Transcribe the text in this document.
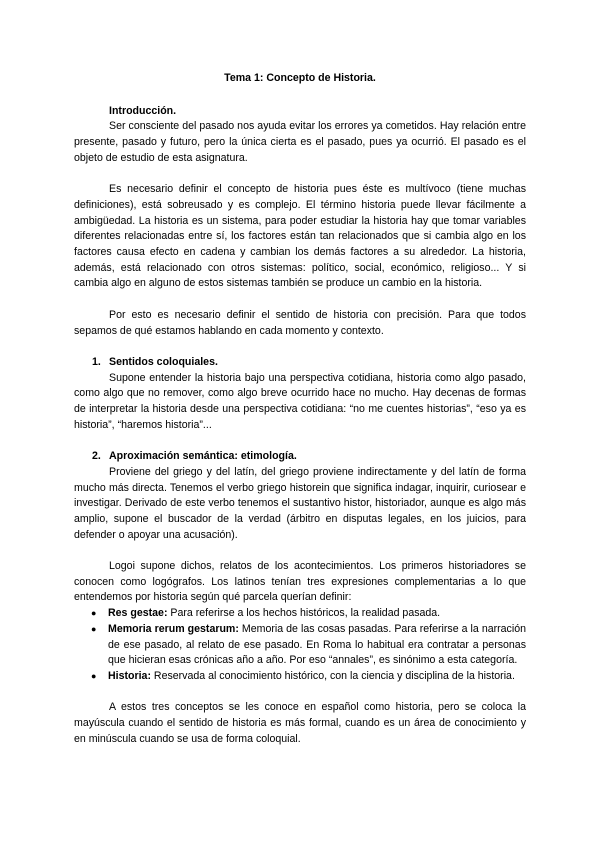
Tema 1: Concepto de Historia.
Introducción.

Ser consciente del pasado nos ayuda evitar los errores ya cometidos. Hay relación entre presente, pasado y futuro, pero la única cierta es el pasado, pues ya ocurrió. El pasado es el objeto de estudio de esta asignatura.

Es necesario definir el concepto de historia pues éste es multívoco (tiene muchas definiciones), está sobreusado y es complejo. El término historia puede llevar fácilmente a ambigüedad. La historia es un sistema, para poder estudiar la historia hay que tomar variables diferentes relacionadas entre sí, los factores están tan relacionados que si cambia algo en los factores causa efecto en cadena y cambian los demás factores a su alrededor. La historia, además, está relacionado con otros sistemas: político, social, económico, religioso... Y si cambia algo en alguno de estos sistemas también se produce un cambio en la historia.

Por esto es necesario definir el sentido de historia con precisión. Para que todos sepamos de qué estamos hablando en cada momento y contexto.

1. Sentidos coloquiales.

Supone entender la historia bajo una perspectiva cotidiana, historia como algo pasado, como algo que no remover, como algo breve ocurrido hace no mucho. Hay decenas de formas de interpretar la historia desde una perspectiva cotidiana: “no me cuentes historias”, “eso ya es historia”, “haremos historia”...

2. Aproximación semántica: etimología.

Proviene del griego y del latín, del griego proviene indirectamente y del latín de forma mucho más directa. Tenemos el verbo griego historein que significa indagar, inquirir, curiosear e investigar. Derivado de este verbo tenemos el sustantivo histor, historiador, aunque es algo más amplio, supone el buscador de la verdad (árbitro en disputas legales, en los juicios, para defender o apoyar una acusación).

Logoi supone dichos, relatos de los acontecimientos. Los primeros historiadores se conocen como logógrafos. Los latinos tenían tres expresiones complementarias a lo que entendemos por historia según qué parcela querían definir:

●	Res gestae: Para referirse a los hechos históricos, la realidad pasada.
●	Memoria rerum gestarum: Memoria de las cosas pasadas. Para referirse a la narración de ese pasado, al relato de ese pasado. En Roma lo habitual era contratar a personas que hicieran esas crónicas año a año. Por eso “annales”, es sinónimo a esta categoría.
●	Historia: Reservada al conocimiento histórico, con la ciencia y disciplina de la historia.

A estos tres conceptos se les conoce en español como historia, pero se coloca la mayúscula cuando el sentido de historia es más formal, cuando es un área de conocimiento y en minúscula cuando se usa de forma coloquial.
